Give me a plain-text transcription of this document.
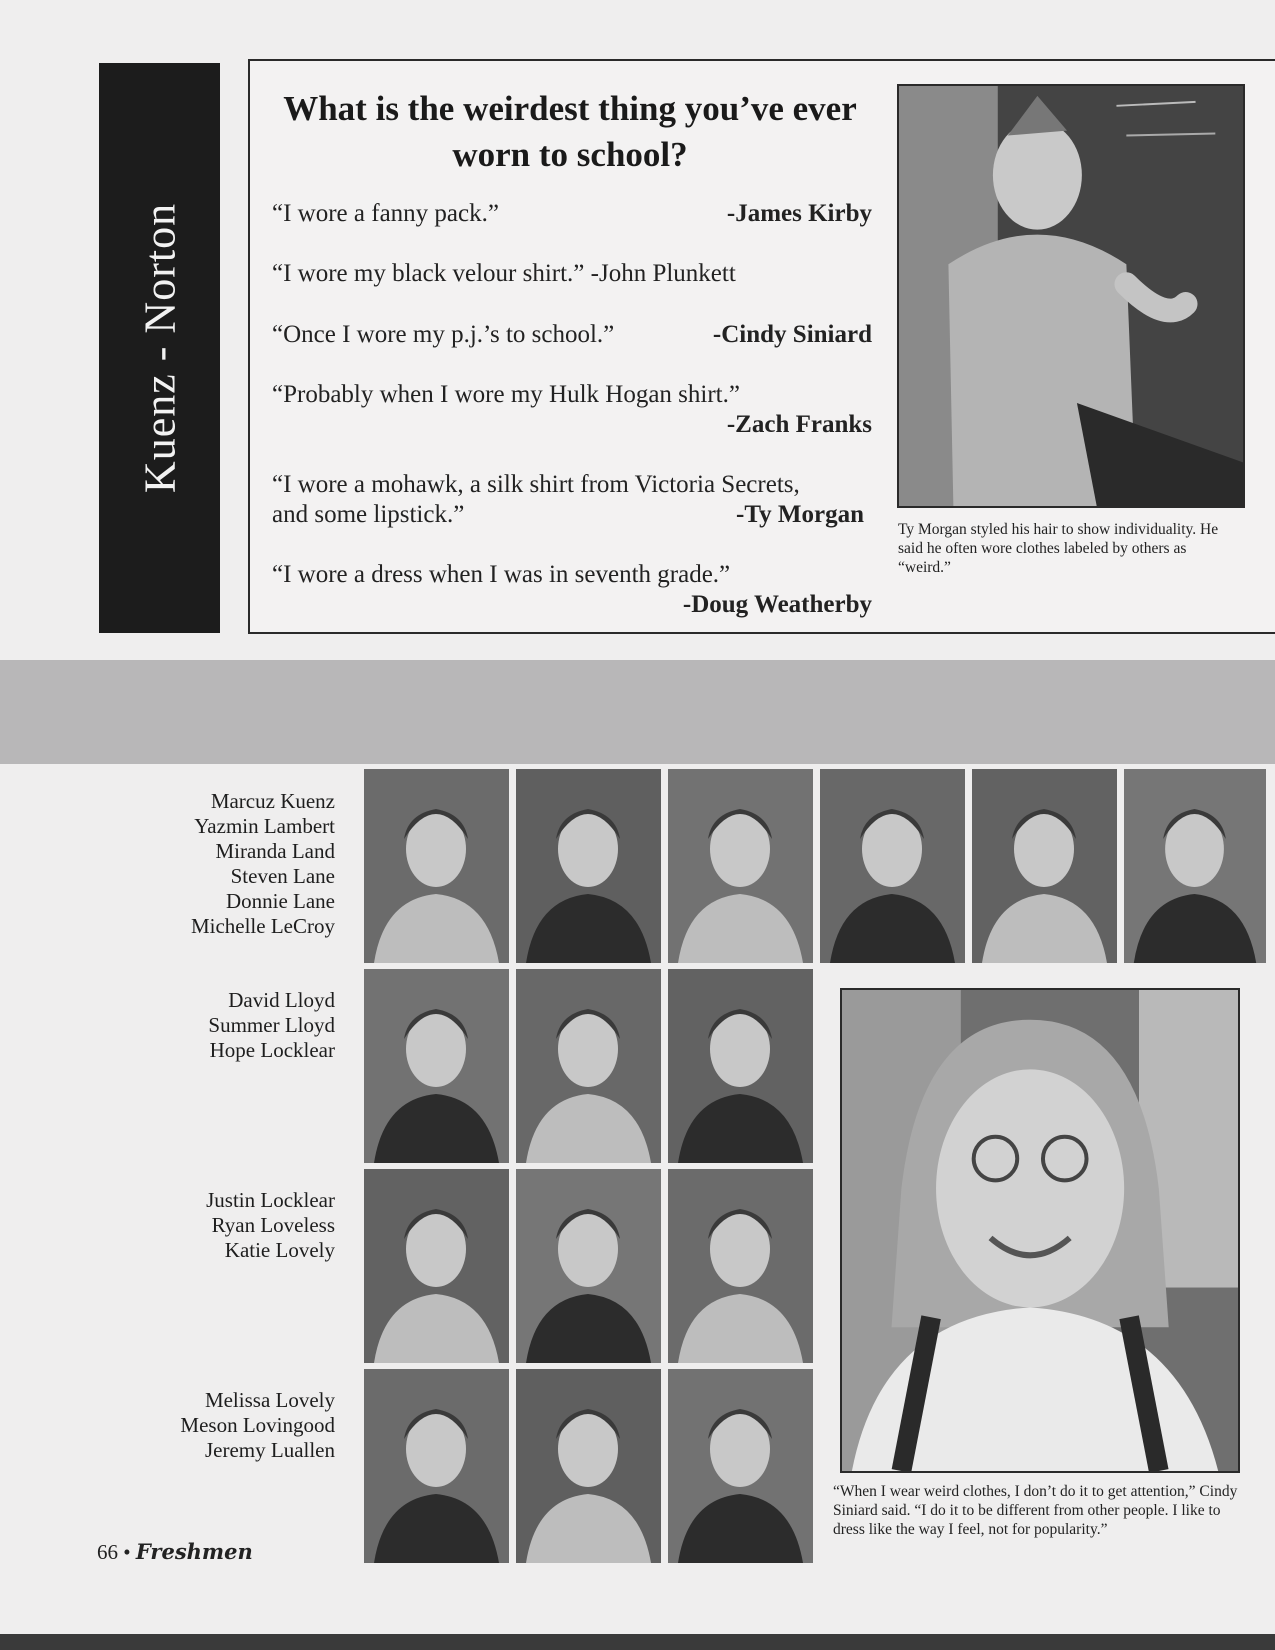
Kuenz - Norton
What is the weirdest thing you’ve ever worn to school?
“I wore a fanny pack.”	-James Kirby
“I wore my black velour shirt.” -John Plunkett
“Once I wore my p.j.’s to school.”	-Cindy Siniard
“Probably when I wore my Hulk Hogan shirt.”
-Zach Franks
“I wore a mohawk, a silk shirt from Victoria Secrets,
and some lipstick.”	-Ty Morgan
“I wore a dress when I was in seventh grade.”
-Doug Weatherby
Ty Morgan styled his hair to show individuality. He said he often wore clothes labeled by others as “weird.”
Marcuz Kuenz
Yazmin Lambert
Miranda Land
Steven Lane
Donnie Lane
Michelle LeCroy
David Lloyd
Summer Lloyd
Hope Locklear
Justin Locklear
Ryan Loveless
Katie Lovely
Melissa Lovely
Meson Lovingood
Jeremy Luallen
“When I wear weird clothes, I don’t do it to get attention,” Cindy Siniard said. “I do it to be different from other people. I like to dress like the way I feel, not for popularity.”
66 • Freshmen
